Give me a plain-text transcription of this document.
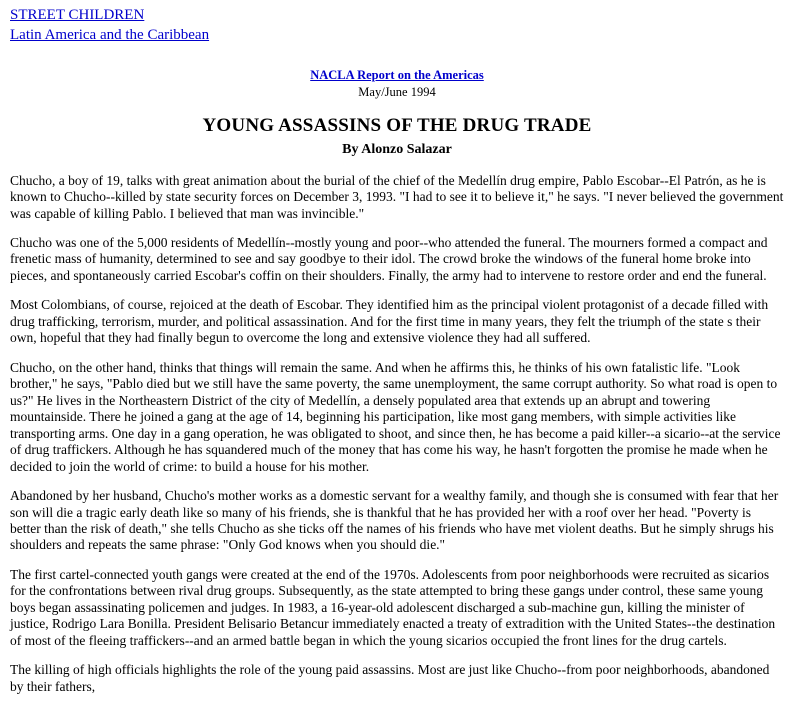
STREET CHILDREN
Latin America and the Caribbean
NACLA Report on the Americas
May/June 1994
YOUNG ASSASSINS OF THE DRUG TRADE
By Alonzo Salazar

Chucho, a boy of 19, talks with great animation about the burial of the chief of the Medellín drug empire, Pablo Escobar--El Patrón, as he is known to Chucho--killed by state security forces on December 3, 1993. "I had to see it to believe it," he says. "I never believed the government was capable of killing Pablo. I believed that man was invincible."

Chucho was one of the 5,000 residents of Medellín--mostly young and poor--who attended the funeral. The mourners formed a compact and frenetic mass of humanity, determined to see and say goodbye to their idol. The crowd broke the windows of the funeral home broke into pieces, and spontaneously carried Escobar's coffin on their shoulders. Finally, the army had to intervene to restore order and end the funeral.

Most Colombians, of course, rejoiced at the death of Escobar. They identified him as the principal violent protagonist of a decade filled with drug trafficking, terrorism, murder, and political assassination. And for the first time in many years, they felt the triumph of the state s their own, hopeful that they had finally begun to overcome the long and extensive violence they had all suffered.

Chucho, on the other hand, thinks that things will remain the same. And when he affirms this, he thinks of his own fatalistic life. "Look brother," he says, "Pablo died but we still have the same poverty, the same unemployment, the same corrupt authority. So what road is open to us?" He lives in the Northeastern District of the city of Medellín, a densely populated area that extends up an abrupt and towering mountainside. There he joined a gang at the age of 14, beginning his participation, like most gang members, with simple activities like transporting arms. One day in a gang operation, he was obligated to shoot, and since then, he has become a paid killer--a sicario--at the service of drug traffickers. Although he has squandered much of the money that has come his way, he hasn't forgotten the promise he made when he decided to join the world of crime: to build a house for his mother.

Abandoned by her husband, Chucho's mother works as a domestic servant for a wealthy family, and though she is consumed with fear that her son will die a tragic early death like so many of his friends, she is thankful that he has provided her with a roof over her head. "Poverty is better than the risk of death," she tells Chucho as she ticks off the names of his friends who have met violent deaths. But he simply shrugs his shoulders and repeats the same phrase: "Only God knows when you should die."

The first cartel-connected youth gangs were created at the end of the 1970s. Adolescents from poor neighborhoods were recruited as sicarios for the confrontations between rival drug groups. Subsequently, as the state attempted to bring these gangs under control, these same young boys began assassinating policemen and judges. In 1983, a 16-year-old adolescent discharged a sub-machine gun, killing the minister of justice, Rodrigo Lara Bonilla. President Belisario Betancur immediately enacted a treaty of extradition with the United States--the destination of most of the fleeing traffickers--and an armed battle began in which the young sicarios occupied the front lines for the drug cartels.

The killing of high officials highlights the role of the young paid assassins. Most are just like Chucho--from poor neighborhoods, abandoned by their fathers,
